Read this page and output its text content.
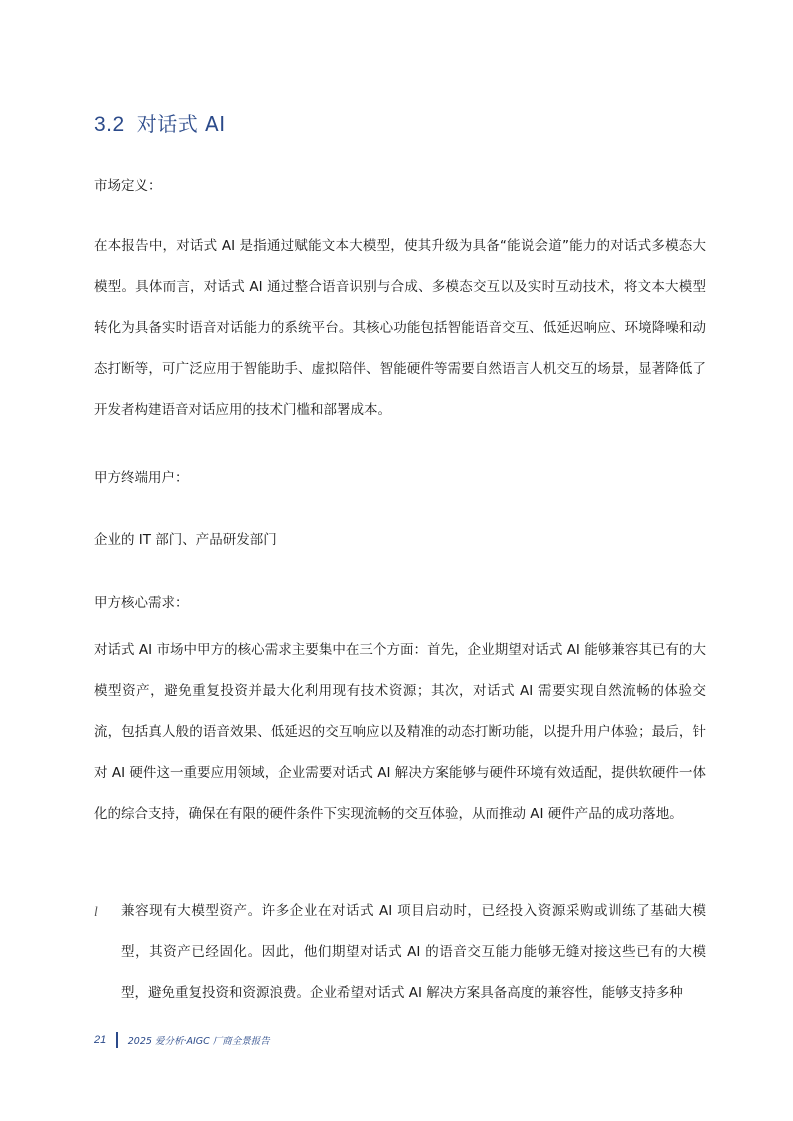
3.2 对话式 AI
市场定义：

在本报告中，对话式 AI 是指通过赋能文本大模型，使其升级为具备“能说会道”能力的对话式多模态大模型。具体而言，对话式 AI 通过整合语音识别与合成、多模态交互以及实时互动技术，将文本大模型转化为具备实时语音对话能力的系统平台。其核心功能包括智能语音交互、低延迟响应、环境降噪和动态打断等，可广泛应用于智能助手、虚拟陪伴、智能硬件等需要自然语言人机交互的场景，显著降低了开发者构建语音对话应用的技术门槛和部署成本。

甲方终端用户：
企业的 IT 部门、产品研发部门
甲方核心需求：

对话式 AI 市场中甲方的核心需求主要集中在三个方面：首先，企业期望对话式 AI 能够兼容其已有的大模型资产，避免重复投资并最大化利用现有技术资源；其次，对话式 AI 需要实现自然流畅的体验交流，包括真人般的语音效果、低延迟的交互响应以及精准的动态打断功能，以提升用户体验；最后，针对 AI 硬件这一重要应用领域，企业需要对话式 AI 解决方案能够与硬件环境有效适配，提供软硬件一体化的综合支持，确保在有限的硬件条件下实现流畅的交互体验，从而推动 AI 硬件产品的成功落地。

l 兼容现有大模型资产。许多企业在对话式 AI 项目启动时，已经投入资源采购或训练了基础大模型，其资产已经固化。因此，他们期望对话式 AI 的语音交互能力能够无缝对接这些已有的大模型，避免重复投资和资源浪费。企业希望对话式 AI 解决方案具备高度的兼容性，能够支持多种

21 2025 爱分析·AIGC 厂商全景报告
